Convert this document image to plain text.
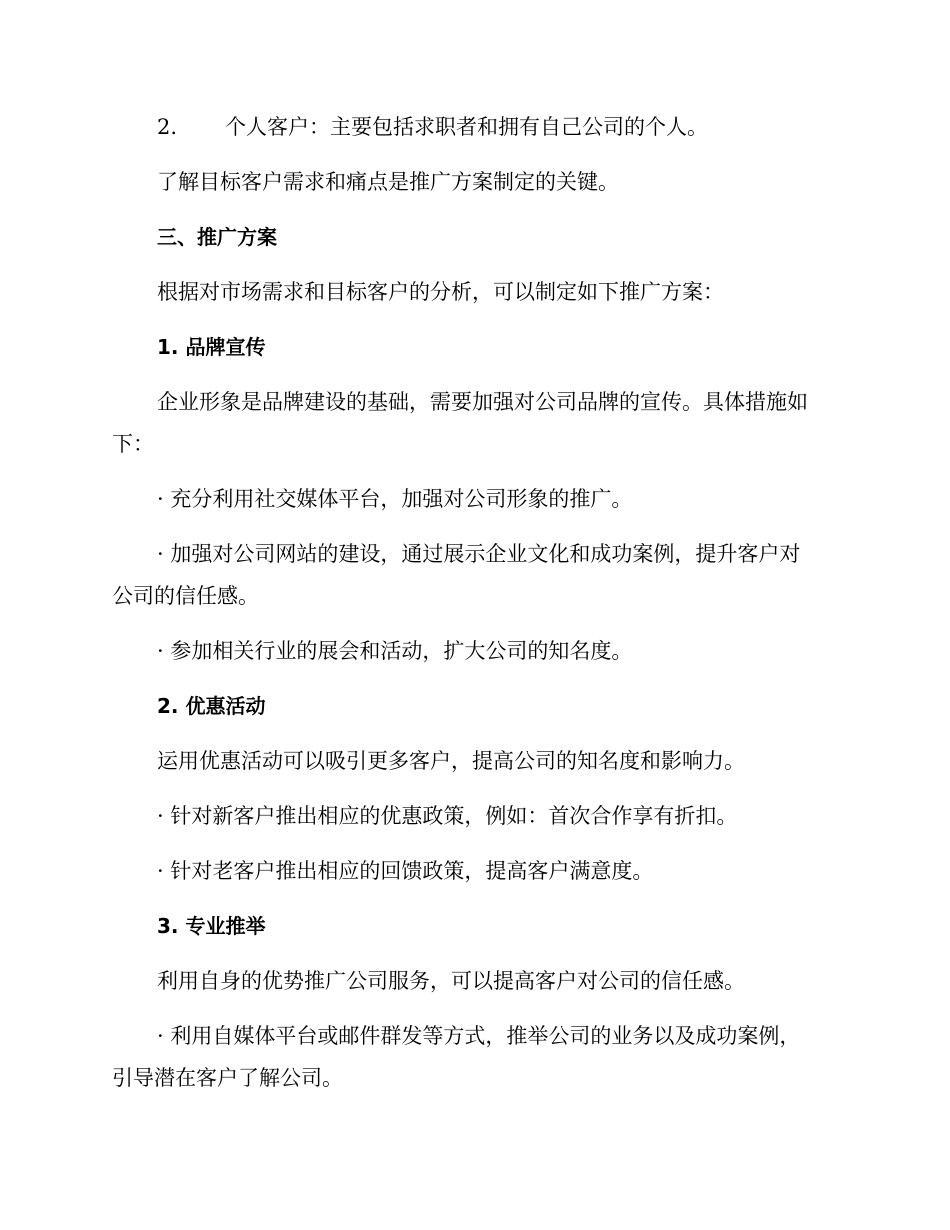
2. 个人客户：主要包括求职者和拥有自己公司的个人。
了解目标客户需求和痛点是推广方案制定的关键。
三、推广方案
根据对市场需求和目标客户的分析，可以制定如下推广方案：
1. 品牌宣传
企业形象是品牌建设的基础，需要加强对公司品牌的宣传。具体措施如
下：
· 充分利用社交媒体平台，加强对公司形象的推广。
· 加强对公司网站的建设，通过展示企业文化和成功案例，提升客户对
公司的信任感。
· 参加相关行业的展会和活动，扩大公司的知名度。
2. 优惠活动
运用优惠活动可以吸引更多客户，提高公司的知名度和影响力。
· 针对新客户推出相应的优惠政策，例如：首次合作享有折扣。
· 针对老客户推出相应的回馈政策，提高客户满意度。
3. 专业推举
利用自身的优势推广公司服务，可以提高客户对公司的信任感。
· 利用自媒体平台或邮件群发等方式，推举公司的业务以及成功案例，
引导潜在客户了解公司。
